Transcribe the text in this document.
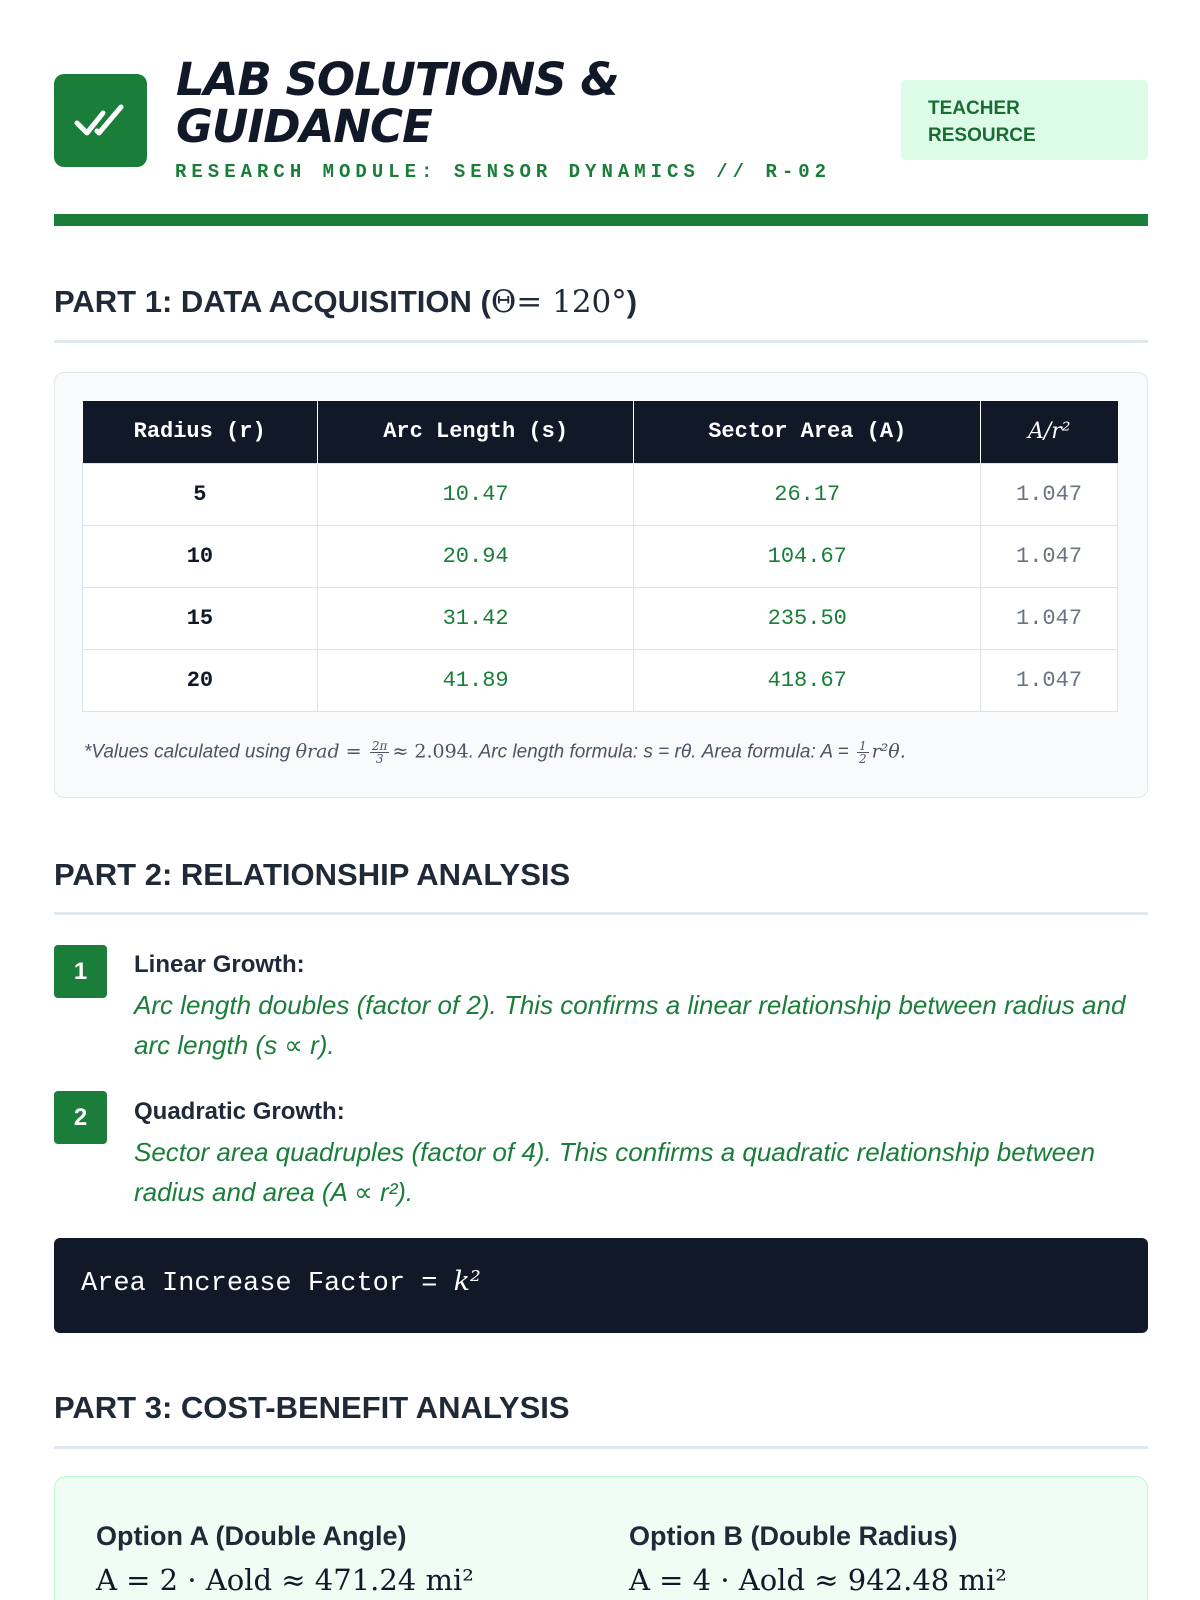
LAB SOLUTIONS &
GUIDANCE
RESEARCH MODULE: SENSOR DYNAMICS // R-02
TEACHER
RESOURCE
PART 1: DATA ACQUISITION (Θ= 120°)
Radius (r)	Arc Length (s)	Sector Area (A)	A/r²
5	10.47	26.17	1.047
10	20.94	104.67	1.047
15	31.42	235.50	1.047
20	41.89	418.67	1.047
*Values calculated using $\theta rad = \frac{2\pi}{3} \approx 2.094$. Arc length formula: s = rθ. Area formula: $A = \frac{1}{2} r^2\theta$.
PART 2: RELATIONSHIP ANALYSIS
1	Linear Growth:
Arc length doubles (factor of 2). This confirms a linear relationship between radius and arc length (s ∝ r).
2	Quadratic Growth:
Sector area quadruples (factor of 4). This confirms a quadratic relationship between radius and area (A ∝ r²).
Area Increase Factor = k²
PART 3: COST-BENEFIT ANALYSIS
Option A (Double Angle)
A = 2 · Aold ≈ 471.24 mi²
Option B (Double Radius)
A = 4 · Aold ≈ 942.48 mi²
